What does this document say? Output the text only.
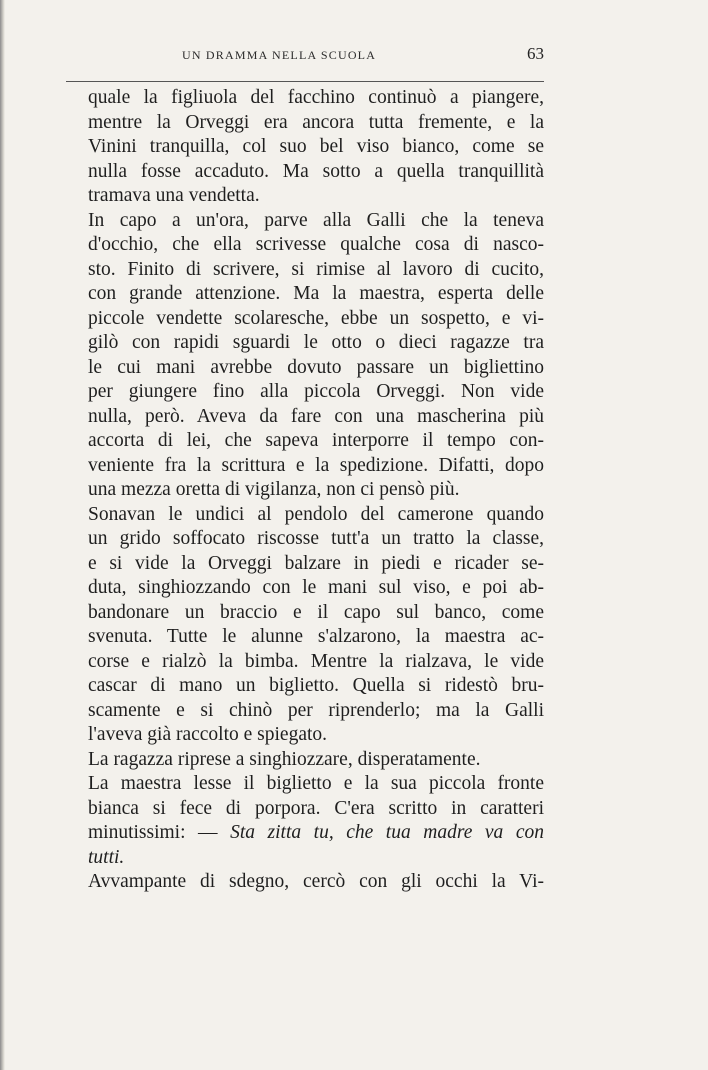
UN DRAMMA NELLA SCUOLA	63
quale la figliuola del facchino continuò a piangere,
mentre la Orveggi era ancora tutta fremente, e la
Vinini tranquilla, col suo bel viso bianco, come se
nulla fosse accaduto. Ma sotto a quella tranquillità
tramava una vendetta.
In capo a un'ora, parve alla Galli che la teneva
d'occhio, che ella scrivesse qualche cosa di nasco-
sto. Finito di scrivere, si rimise al lavoro di cucito,
con grande attenzione. Ma la maestra, esperta delle
piccole vendette scolaresche, ebbe un sospetto, e vi-
gilò con rapidi sguardi le otto o dieci ragazze tra
le cui mani avrebbe dovuto passare un bigliettino
per giungere fino alla piccola Orveggi. Non vide
nulla, però. Aveva da fare con una mascherina più
accorta di lei, che sapeva interporre il tempo con-
veniente fra la scrittura e la spedizione. Difatti, dopo
una mezza oretta di vigilanza, non ci pensò più.
Sonavan le undici al pendolo del camerone quando
un grido soffocato riscosse tutt'a un tratto la classe,
e si vide la Orveggi balzare in piedi e ricader se-
duta, singhiozzando con le mani sul viso, e poi ab-
bandonare un braccio e il capo sul banco, come
svenuta. Tutte le alunne s'alzarono, la maestra ac-
corse e rialzò la bimba. Mentre la rialzava, le vide
cascar di mano un biglietto. Quella si ridestò bru-
scamente e si chinò per riprenderlo; ma la Galli
l'aveva già raccolto e spiegato.
La ragazza riprese a singhiozzare, disperatamente.
La maestra lesse il biglietto e la sua piccola fronte
bianca si fece di porpora. C'era scritto in caratteri
minutissimi: — Sta zitta tu, che tua madre va con
tutti.
Avvampante di sdegno, cercò con gli occhi la Vi-
